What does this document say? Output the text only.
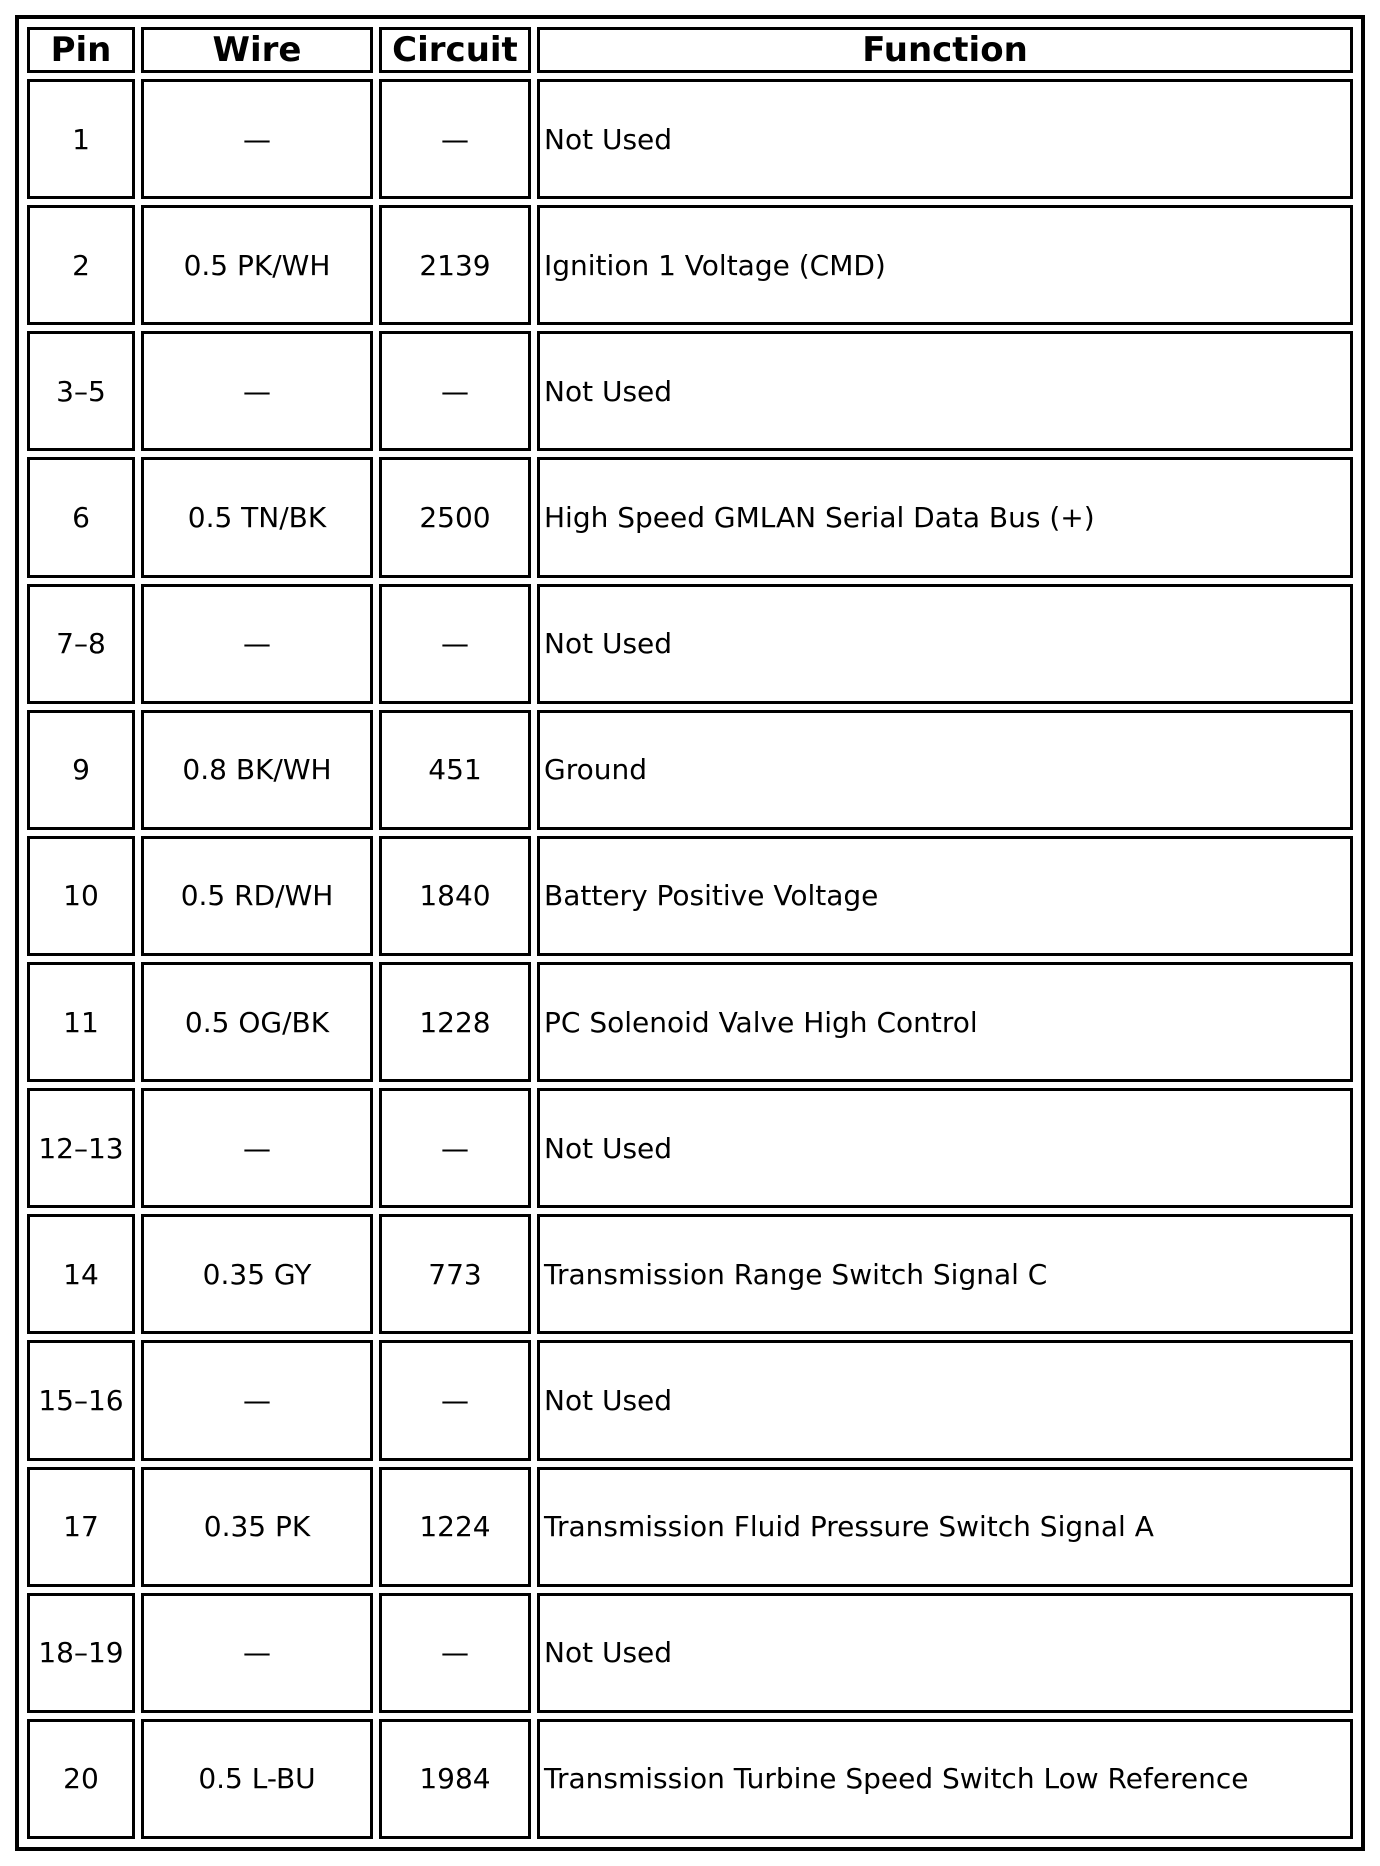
Pin	Wire	Circuit	Function
1	—	—	Not Used
2	0.5 PK/WH	2139	Ignition 1 Voltage (CMD)
3–5	—	—	Not Used
6	0.5 TN/BK	2500	High Speed GMLAN Serial Data Bus (+)
7–8	—	—	Not Used
9	0.8 BK/WH	451	Ground
10	0.5 RD/WH	1840	Battery Positive Voltage
11	0.5 OG/BK	1228	PC Solenoid Valve High Control
12–13	—	—	Not Used
14	0.35 GY	773	Transmission Range Switch Signal C
15–16	—	—	Not Used
17	0.35 PK	1224	Transmission Fluid Pressure Switch Signal A
18–19	—	—	Not Used
20	0.5 L-BU	1984	Transmission Turbine Speed Switch Low Reference
